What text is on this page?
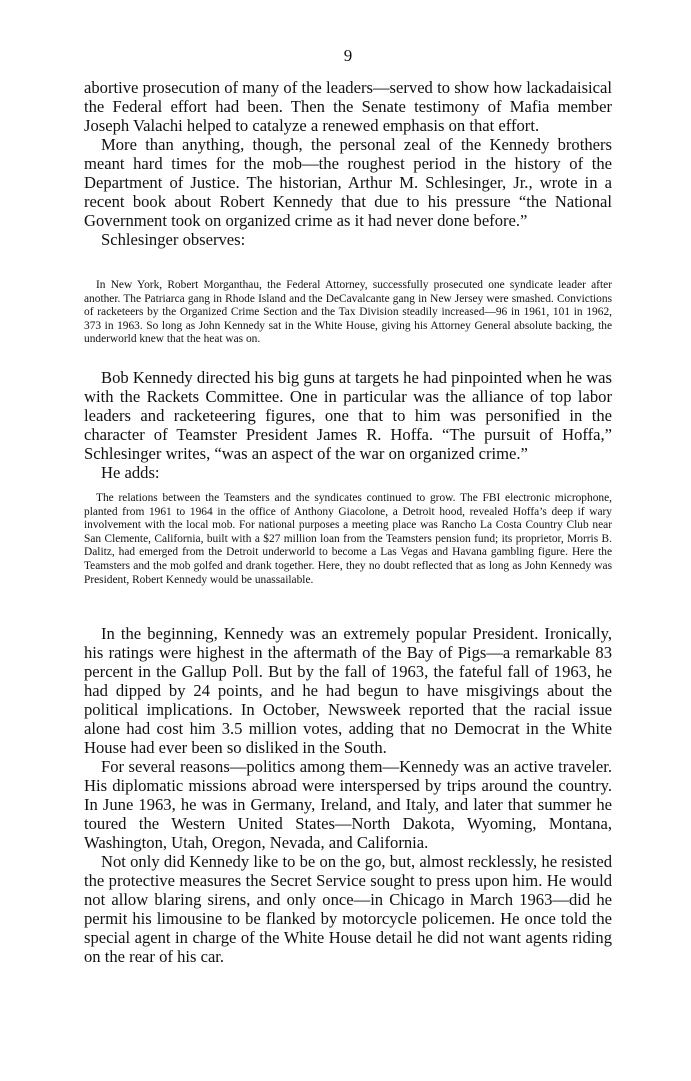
9

abortive prosecution of many of the leaders—served to show how lackadaisical the Federal effort had been. Then the Senate testimony of Mafia member Joseph Valachi helped to catalyze a renewed emphasis on that effort.

More than anything, though, the personal zeal of the Kennedy brothers meant hard times for the mob—the roughest period in the history of the Department of Justice. The historian, Arthur M. Schlesinger, Jr., wrote in a recent book about Robert Kennedy that due to his pressure “the National Government took on organized crime as it had never done before.”

Schlesinger observes:

In New York, Robert Morganthau, the Federal Attorney, successfully prosecuted one syndicate leader after another. The Patriarca gang in Rhode Island and the DeCavalcante gang in New Jersey were smashed. Convictions of racketeers by the Organized Crime Section and the Tax Division steadily increased—96 in 1961, 101 in 1962, 373 in 1963. So long as John Kennedy sat in the White House, giving his Attorney General absolute backing, the underworld knew that the heat was on.

Bob Kennedy directed his big guns at targets he had pinpointed when he was with the Rackets Committee. One in particular was the alliance of top labor leaders and racketeering figures, one that to him was personified in the character of Teamster President James R. Hoffa. “The pursuit of Hoffa,” Schlesinger writes, “was an aspect of the war on organized crime.”

He adds:

The relations between the Teamsters and the syndicates continued to grow. The FBI electronic microphone, planted from 1961 to 1964 in the office of Anthony Giacolone, a Detroit hood, revealed Hoffa’s deep if wary involvement with the local mob. For national purposes a meeting place was Rancho La Costa Country Club near San Clemente, California, built with a $27 million loan from the Teamsters pension fund; its proprietor, Morris B. Dalitz, had emerged from the Detroit underworld to become a Las Vegas and Havana gambling figure. Here the Teamsters and the mob golfed and drank together. Here, they no doubt reflected that as long as John Kennedy was President, Robert Kennedy would be unassailable.

In the beginning, Kennedy was an extremely popular President. Ironically, his ratings were highest in the aftermath of the Bay of Pigs—a remarkable 83 percent in the Gallup Poll. But by the fall of 1963, the fateful fall of 1963, he had dipped by 24 points, and he had begun to have misgivings about the political implications. In October, Newsweek reported that the racial issue alone had cost him 3.5 million votes, adding that no Democrat in the White House had ever been so disliked in the South.

For several reasons—politics among them—Kennedy was an active traveler. His diplomatic missions abroad were interspersed by trips around the country. In June 1963, he was in Germany, Ireland, and Italy, and later that summer he toured the Western United States—North Dakota, Wyoming, Montana, Washington, Utah, Oregon, Nevada, and California.

Not only did Kennedy like to be on the go, but, almost recklessly, he resisted the protective measures the Secret Service sought to press upon him. He would not allow blaring sirens, and only once—in Chicago in March 1963—did he permit his limousine to be flanked by motorcycle policemen. He once told the special agent in charge of the White House detail he did not want agents riding on the rear of his car.
